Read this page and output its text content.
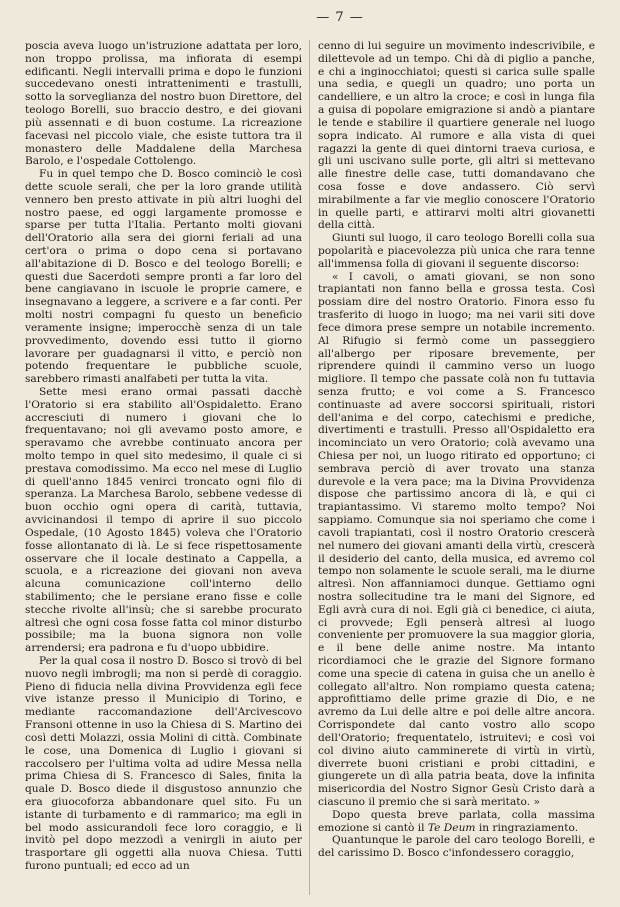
— 7 —

poscia aveva luogo un'istruzione adattata per loro, non troppo prolissa, ma infiorata di esempi edificanti. Negli intervalli prima e dopo le funzioni succedevano onesti intrattenimenti e trastulli, sotto la sorveglianza del nostro buon Direttore, del teologo Borelli, suo braccio destro, e dei giovani più assennati e di buon costume. La ricreazione facevasi nel piccolo viale, che esiste tuttora tra il monastero delle Maddalene della Marchesa Barolo, e l'ospedale Cottolengo.

Fu in quel tempo che D. Bosco cominciò le così dette scuole serali, che per la loro grande utilità vennero ben presto attivate in più altri luoghi del nostro paese, ed oggi largamente promosse e sparse per tutta l'Italia. Pertanto molti giovani dell'Oratorio alla sera dei giorni feriali ad una cert'ora o prima o dopo cena si portavano all'abitazione di D. Bosco e del teologo Borelli; e questi due Sacerdoti sempre pronti a far loro del bene cangiavano in iscuole le proprie camere, e insegnavano a leggere, a scrivere e a far conti. Per molti nostri compagni fu questo un beneficio veramente insigne; imperocchè senza di un tale provvedimento, dovendo essi tutto il giorno lavorare per guadagnarsi il vitto, e perciò non potendo frequentare le pubbliche scuole, sarebbero rimasti analfabeti per tutta la vita.

Sette mesi erano ormai passati dacchè l'Oratorio si era stabilito all'Ospidaletto. Erano accresciuti di numero i giovani che lo frequentavano; noi gli avevamo posto amore, e speravamo che avrebbe continuato ancora per molto tempo in quel sito medesimo, il quale ci si prestava comodissimo. Ma ecco nel mese di Luglio di quell'anno 1845 venirci troncato ogni filo di speranza. La Marchesa Barolo, sebbene vedesse di buon occhio ogni opera di carità, tuttavia, avvicinandosi il tempo di aprire il suo piccolo Ospedale, (10 Agosto 1845) voleva che l'Oratorio fosse allontanato di là. Le si fece rispettosamente osservare che il locale destinato a Cappella, a scuola, e a ricreazione dei giovani non aveva alcuna comunicazione coll'interno dello stabilimento; che le persiane erano fisse e colle stecche rivolte all'insù; che si sarebbe procurato altresì che ogni cosa fosse fatta col minor disturbo possibile; ma la buona signora non volle arrendersi; era padrona e fu d'uopo ubbidire.

Per la qual cosa il nostro D. Bosco si trovò di bel nuovo negli imbrogli; ma non si perdè di coraggio. Pieno di fiducia nella divina Provvidenza egli fece vive istanze presso il Municipio di Torino, e mediante raccomandazione dell'Arcivescovo Fransoni ottenne in uso la Chiesa di S. Martino dei così detti Molazzi, ossia Molini di città. Combinate le cose, una Domenica di Luglio i giovani si raccolsero per l'ultima volta ad udire Messa nella prima Chiesa di S. Francesco di Sales, finita la quale D. Bosco diede il disgustoso annunzio che era giuocoforza abbandonare quel sito. Fu un istante di turbamento e di rammarico; ma egli in bel modo assicurandoli fece loro coraggio, e li invitò pel dopo mezzodì a venirgli in aiuto per trasportare gli oggetti alla nuova Chiesa. Tutti furono puntuali; ed ecco ad un

cenno di lui seguire un movimento indescrivibile, e dilettevole ad un tempo. Chi dà di piglio a panche, e chi a inginocchiatoi; questi si carica sulle spalle una sedia, e quegli un quadro; uno porta un candelliere, e un altro la croce; e così in lunga fila a guisa di popolare emigrazione si andò a piantare le tende e stabilire il quartiere generale nel luogo sopra indicato. Al rumore e alla vista di quei ragazzi la gente di quei dintorni traeva curiosa, e gli uni uscivano sulle porte, gli altri si mettevano alle finestre delle case, tutti domandavano che cosa fosse e dove andassero. Ciò servì mirabilmente a far vie meglio conoscere l'Oratorio in quelle parti, e attirarvi molti altri giovanetti della città.

Giunti sul luogo, il caro teologo Borelli colla sua popolarità e piacevolezza più unica che rara tenne all'immensa folla di giovani il seguente discorso:

« I cavoli, o amati giovani, se non sono trapiantati non fanno bella e grossa testa. Così possiam dire del nostro Oratorio. Finora esso fu trasferito di luogo in luogo; ma nei varii siti dove fece dimora prese sempre un notabile incremento. Al Rifugio si fermò come un passeggiero all'albergo per riposare brevemente, per riprendere quindi il cammino verso un luogo migliore. Il tempo che passate colà non fu tuttavia senza frutto; e voi come a S. Francesco continuaste ad avere soccorsi spirituali, ristori dell'anima e del corpo, catechismi e prediche, divertimenti e trastulli. Presso all'Ospidaletto era incominciato un vero Oratorio; colà avevamo una Chiesa per noi, un luogo ritirato ed opportuno; ci sembrava perciò di aver trovato una stanza durevole e la vera pace; ma la Divina Provvidenza dispose che partissimo ancora di là, e qui ci trapiantassimo. Vi staremo molto tempo? Noi sappiamo. Comunque sia noi speriamo che come i cavoli trapiantati, così il nostro Oratorio crescerà nel numero dei giovani amanti della virtù, crescerà il desiderio del canto, della musica, ed avremo col tempo non solamente le scuole serali, ma le diurne altresì. Non affanniamoci dunque. Gettiamo ogni nostra sollecitudine tra le mani del Signore, ed Egli avrà cura di noi. Egli già ci benedice, ci aiuta, ci provvede; Egli penserà altresì al luogo conveniente per promuovere la sua maggior gloria, e il bene delle anime nostre. Ma intanto ricordiamoci che le grazie del Signore formano come una specie di catena in guisa che un anello è collegato all'altro. Non rompiamo questa catena; approfittiamo delle prime grazie di Dio, e ne avremo da Lui delle altre e poi delle altre ancora. Corrispondete dal canto vostro allo scopo dell'Oratorio; frequentatelo, istruitevi; e così voi col divino aiuto camminerete di virtù in virtù, diverrete buoni cristiani e probi cittadini, e giungerete un dì alla patria beata, dove la infinita misericordia del Nostro Signor Gesù Cristo darà a ciascuno il premio che si sarà meritato. »

Dopo questa breve parlata, colla massima emozione si cantò il Te Deum in ringraziamento.

Quantunque le parole del caro teologo Borelli, e del carissimo D. Bosco c'infondessero coraggio,
